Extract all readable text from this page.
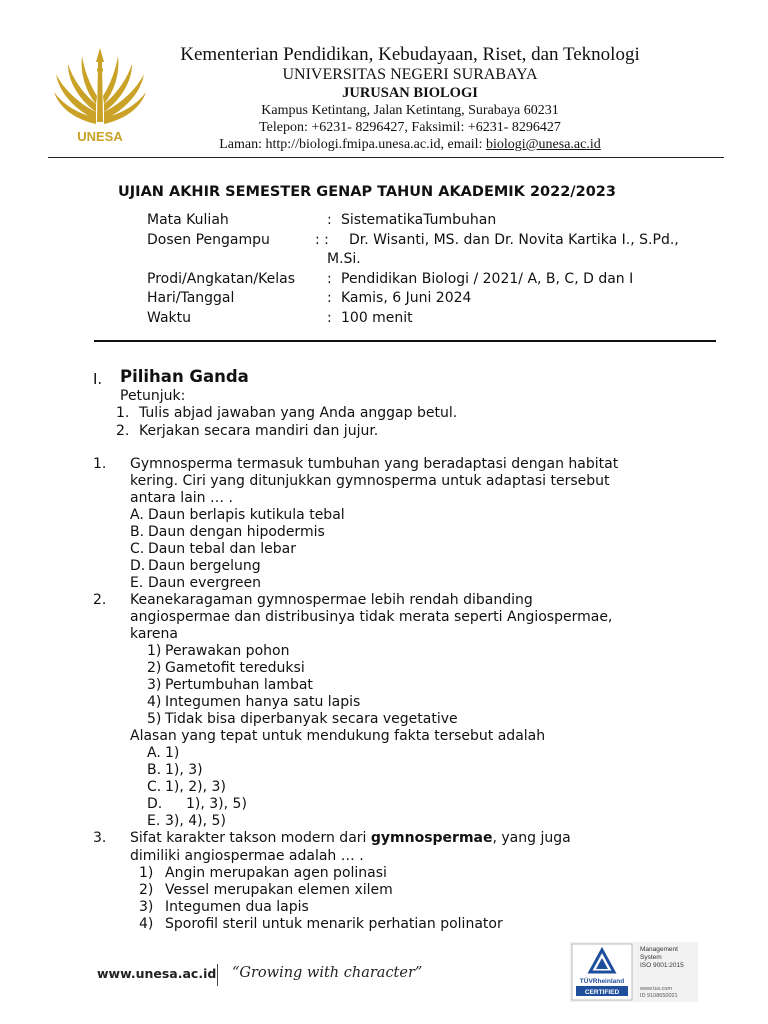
UNESA
Kementerian Pendidikan, Kebudayaan, Riset, dan Teknologi
UNIVERSITAS NEGERI SURABAYA
JURUSAN BIOLOGI
Kampus Ketintang, Jalan Ketintang, Surabaya 60231
Telepon: +6231- 8296427, Faksimil: +6231- 8296427
Laman: http://biologi.fmipa.unesa.ac.id, email: biologi@unesa.ac.id
UJIAN AKHIR SEMESTER GENAP TAHUN AKADEMIK 2022/2023
Mata Kuliah	: SistematikaTumbuhan
Dosen Pengampu	: : Dr. Wisanti, MS. dan Dr. Novita Kartika I., S.Pd.,
M.Si.
Prodi/Angkatan/Kelas : Pendidikan Biologi / 2021/ A, B, C, D dan I
Hari/Tanggal	: Kamis, 6 Juni 2024
Waktu	: 100 menit
I. Pilihan Ganda
Petunjuk:
1. Tulis abjad jawaban yang Anda anggap betul.
2. Kerjakan secara mandiri dan jujur.
1. Gymnosperma termasuk tumbuhan yang beradaptasi dengan habitat
kering. Ciri yang ditunjukkan gymnosperma untuk adaptasi tersebut
antara lain … .
A. Daun berlapis kutikula tebal
B. Daun dengan hipodermis
C. Daun tebal dan lebar
D. Daun bergelung
E. Daun evergreen
2. Keanekaragaman gymnospermae lebih rendah dibanding
angiospermae dan distribusinya tidak merata seperti Angiospermae,
karena
1) Perawakan pohon
2) Gametofit tereduksi
3) Pertumbuhan lambat
4) Integumen hanya satu lapis
5) Tidak bisa diperbanyak secara vegetative
Alasan yang tepat untuk mendukung fakta tersebut adalah
A. 1)
B. 1), 3)
C. 1), 2), 3)
D. 1), 3), 5)
E. 3), 4), 5)
3. Sifat karakter takson modern dari gymnospermae, yang juga
dimiliki angiospermae adalah … .
1) Angin merupakan agen polinasi
2) Vessel merupakan elemen xilem
3) Integumen dua lapis
4) Sporofil steril untuk menarik perhatian polinator
www.unesa.ac.id “Growing with character”
TÜVRheinland
CERTIFIED
Management
System
ISO 9001:2015
www.tuv.com
ID 9108650021
